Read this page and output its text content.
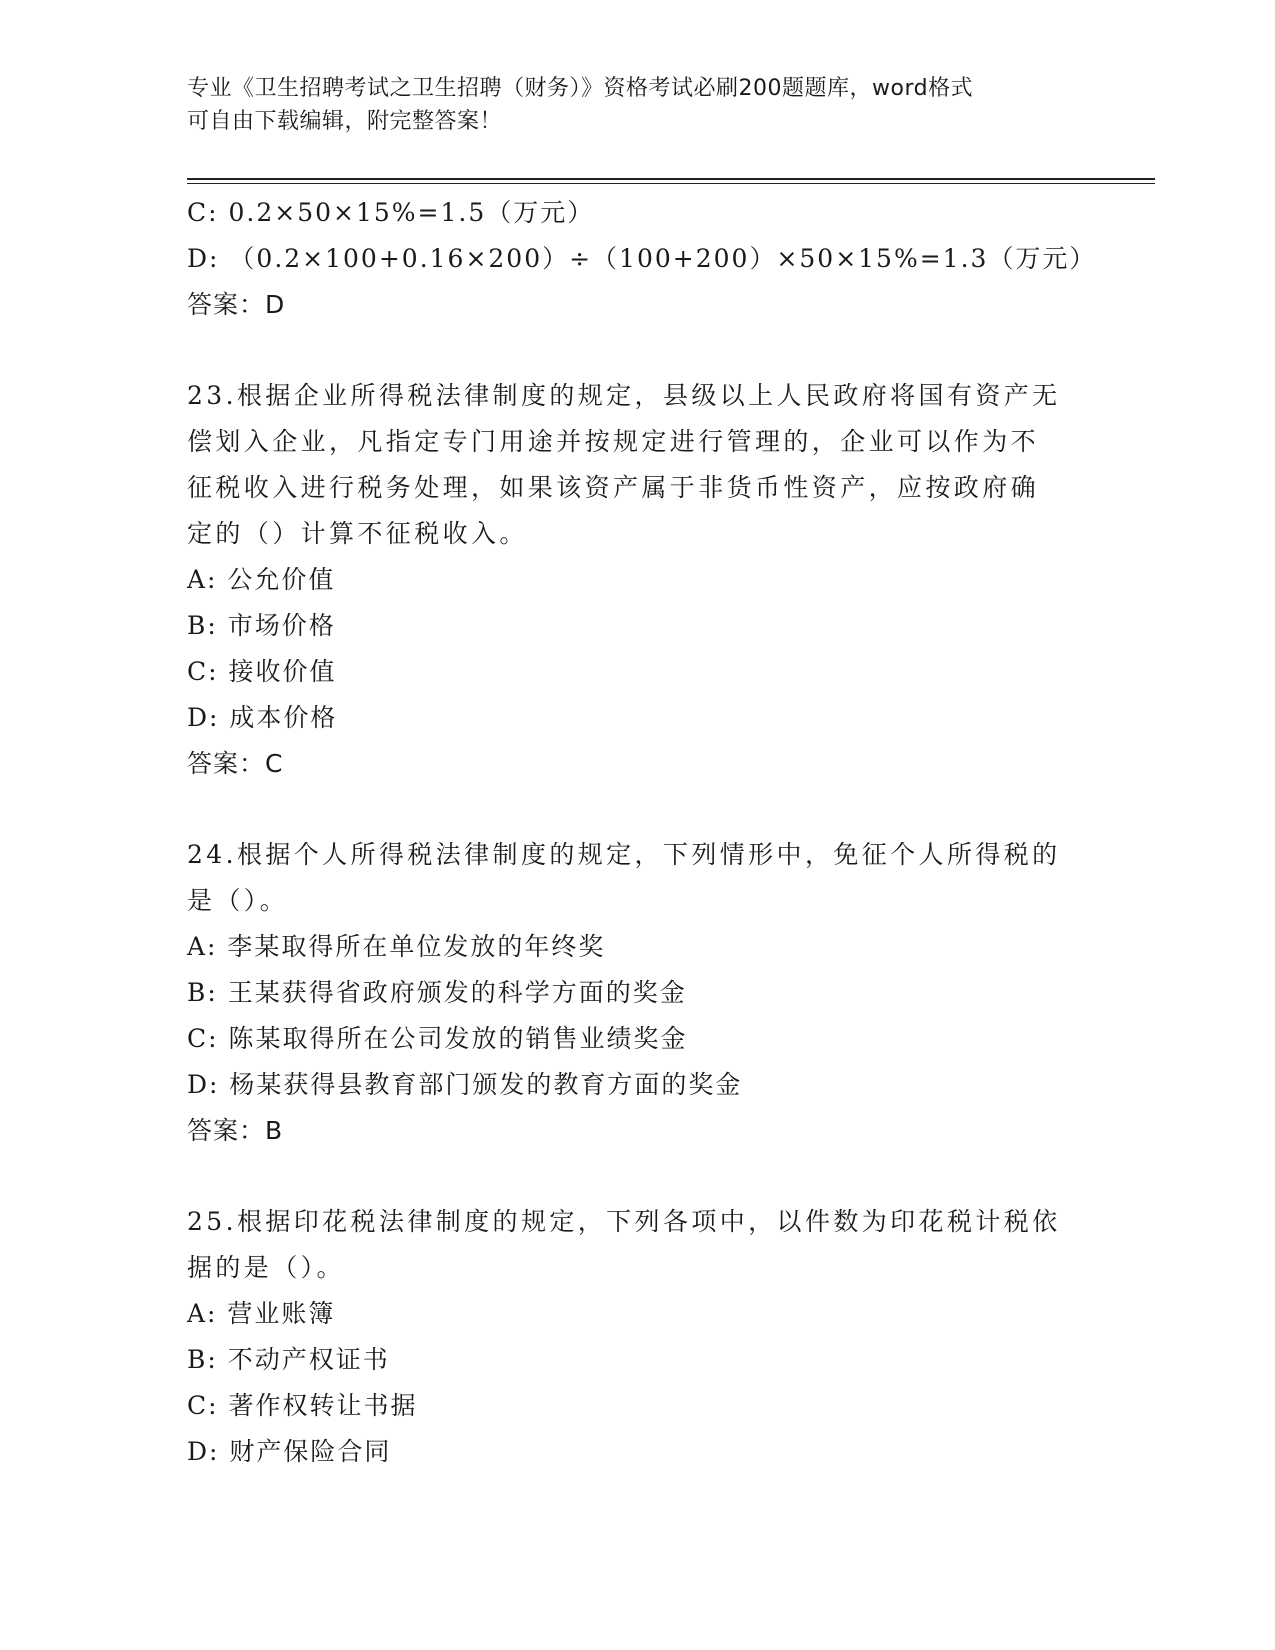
专业《卫生招聘考试之卫生招聘（财务）》资格考试必刷200题题库，word格式
可自由下载编辑，附完整答案！
C: 0.2×50×15%=1.5（万元）
D: （0.2×100+0.16×200）÷（100+200）×50×15%=1.3（万元）
答案：D
23.根据企业所得税法律制度的规定，县级以上人民政府将国有资产无偿划入企业，凡指定专门用途并按规定进行管理的，企业可以作为不征税收入进行税务处理，如果该资产属于非货币性资产，应按政府确定的（）计算不征税收入。
A: 公允价值
B: 市场价格
C: 接收价值
D: 成本价格
答案：C
24.根据个人所得税法律制度的规定，下列情形中，免征个人所得税的是（）。
A: 李某取得所在单位发放的年终奖
B: 王某获得省政府颁发的科学方面的奖金
C: 陈某取得所在公司发放的销售业绩奖金
D: 杨某获得县教育部门颁发的教育方面的奖金
答案：B
25.根据印花税法律制度的规定，下列各项中，以件数为印花税计税依据的是（）。
A: 营业账簿
B: 不动产权证书
C: 著作权转让书据
D: 财产保险合同
